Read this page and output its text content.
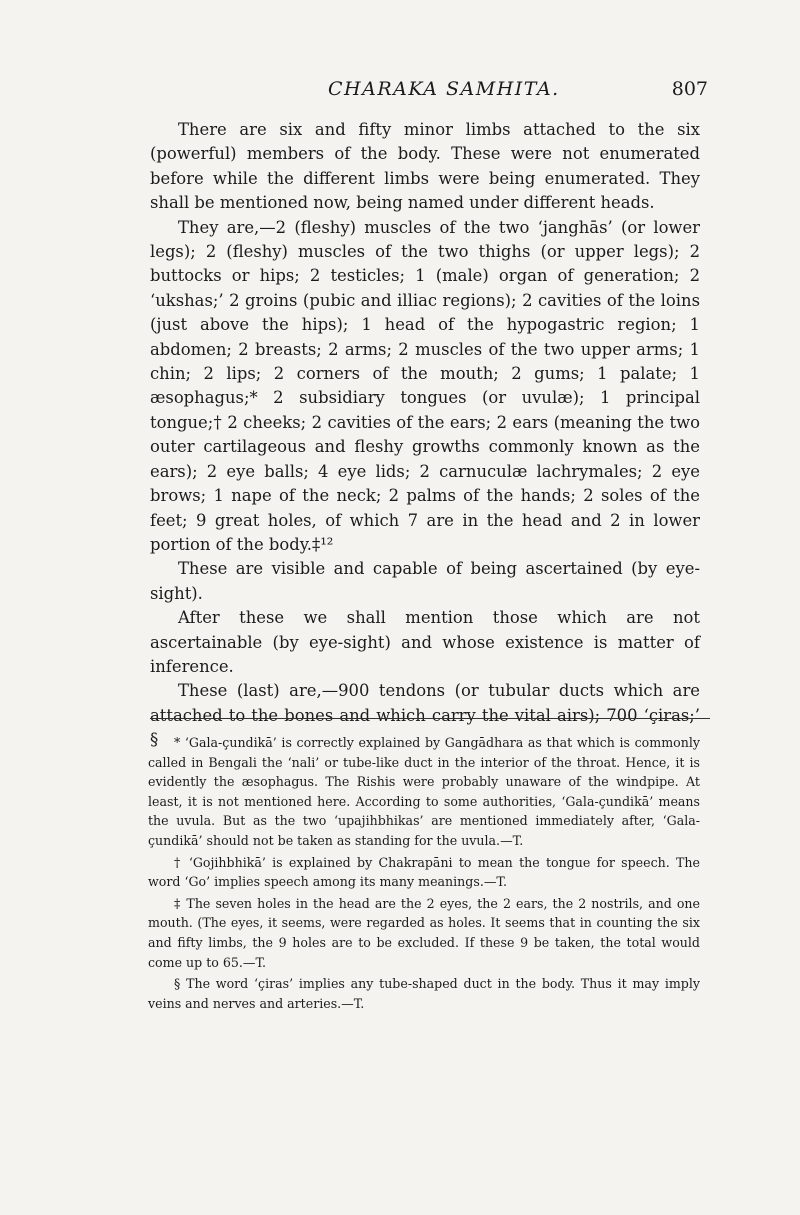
CHARAKA SAMHITA.	807

There are six and fifty minor limbs attached to the six (powerful) members of the body. These were not enumerated before while the different limbs were being enumerated. They shall be mentioned now, being named under different heads.

They are,—2 (fleshy) muscles of the two ‘janghās’ (or lower legs); 2 (fleshy) muscles of the two thighs (or upper legs); 2 buttocks or hips; 2 testicles; 1 (male) organ of generation; 2 ‘ukshas;’ 2 groins (pubic and illiac regions); 2 cavities of the loins (just above the hips); 1 head of the hypogastric region; 1 abdomen; 2 breasts; 2 arms; 2 muscles of the two upper arms; 1 chin; 2 lips; 2 corners of the mouth; 2 gums; 1 palate; 1 æsophagus;* 2 subsidiary tongues (or uvulæ); 1 principal tongue;† 2 cheeks; 2 cavities of the ears; 2 ears (meaning the two outer cartilageous and fleshy growths commonly known as the ears); 2 eye balls; 4 eye lids; 2 carnuculæ lachrymales; 2 eye brows; 1 nape of the neck; 2 palms of the hands; 2 soles of the feet; 9 great holes, of which 7 are in the head and 2 in lower portion of the body.‡¹²

These are visible and capable of being ascertained (by eye-sight).

After these we shall mention those which are not ascertainable (by eye-sight) and whose existence is matter of inference.

These (last) are,—900 tendons (or tubular ducts which are attached to the bones and which carry the vital airs); 700 ‘çiras;’ §	* ‘Gala-çundikā’ is correctly explained by Gangādhara as that which is commonly called in Bengali the ‘nali’ or tube-like duct in the interior of the throat. Hence, it is evidently the æsophagus. The Rishis were probably unaware of the windpipe. At least, it is not mentioned here. According to some authorities, ‘Gala-çundikā’ means the uvula. But as the two ‘upajihbhikas’ are mentioned immediately after, ‘Gala-çundikā’ should not be taken as standing for the uvula.—T.

† ‘Gojihbhikā’ is explained by Chakrapāni to mean the tongue for speech. The word ‘Go’ implies speech among its many meanings.—T.

‡ The seven holes in the head are the 2 eyes, the 2 ears, the 2 nostrils, and one mouth. (The eyes, it seems, were regarded as holes. It seems that in counting the six and fifty limbs, the 9 holes are to be excluded. If these 9 be taken, the total would come up to 65.—T.

§ The word ‘çiras’ implies any tube-shaped duct in the body. Thus it may imply veins and nerves and arteries.—T.
